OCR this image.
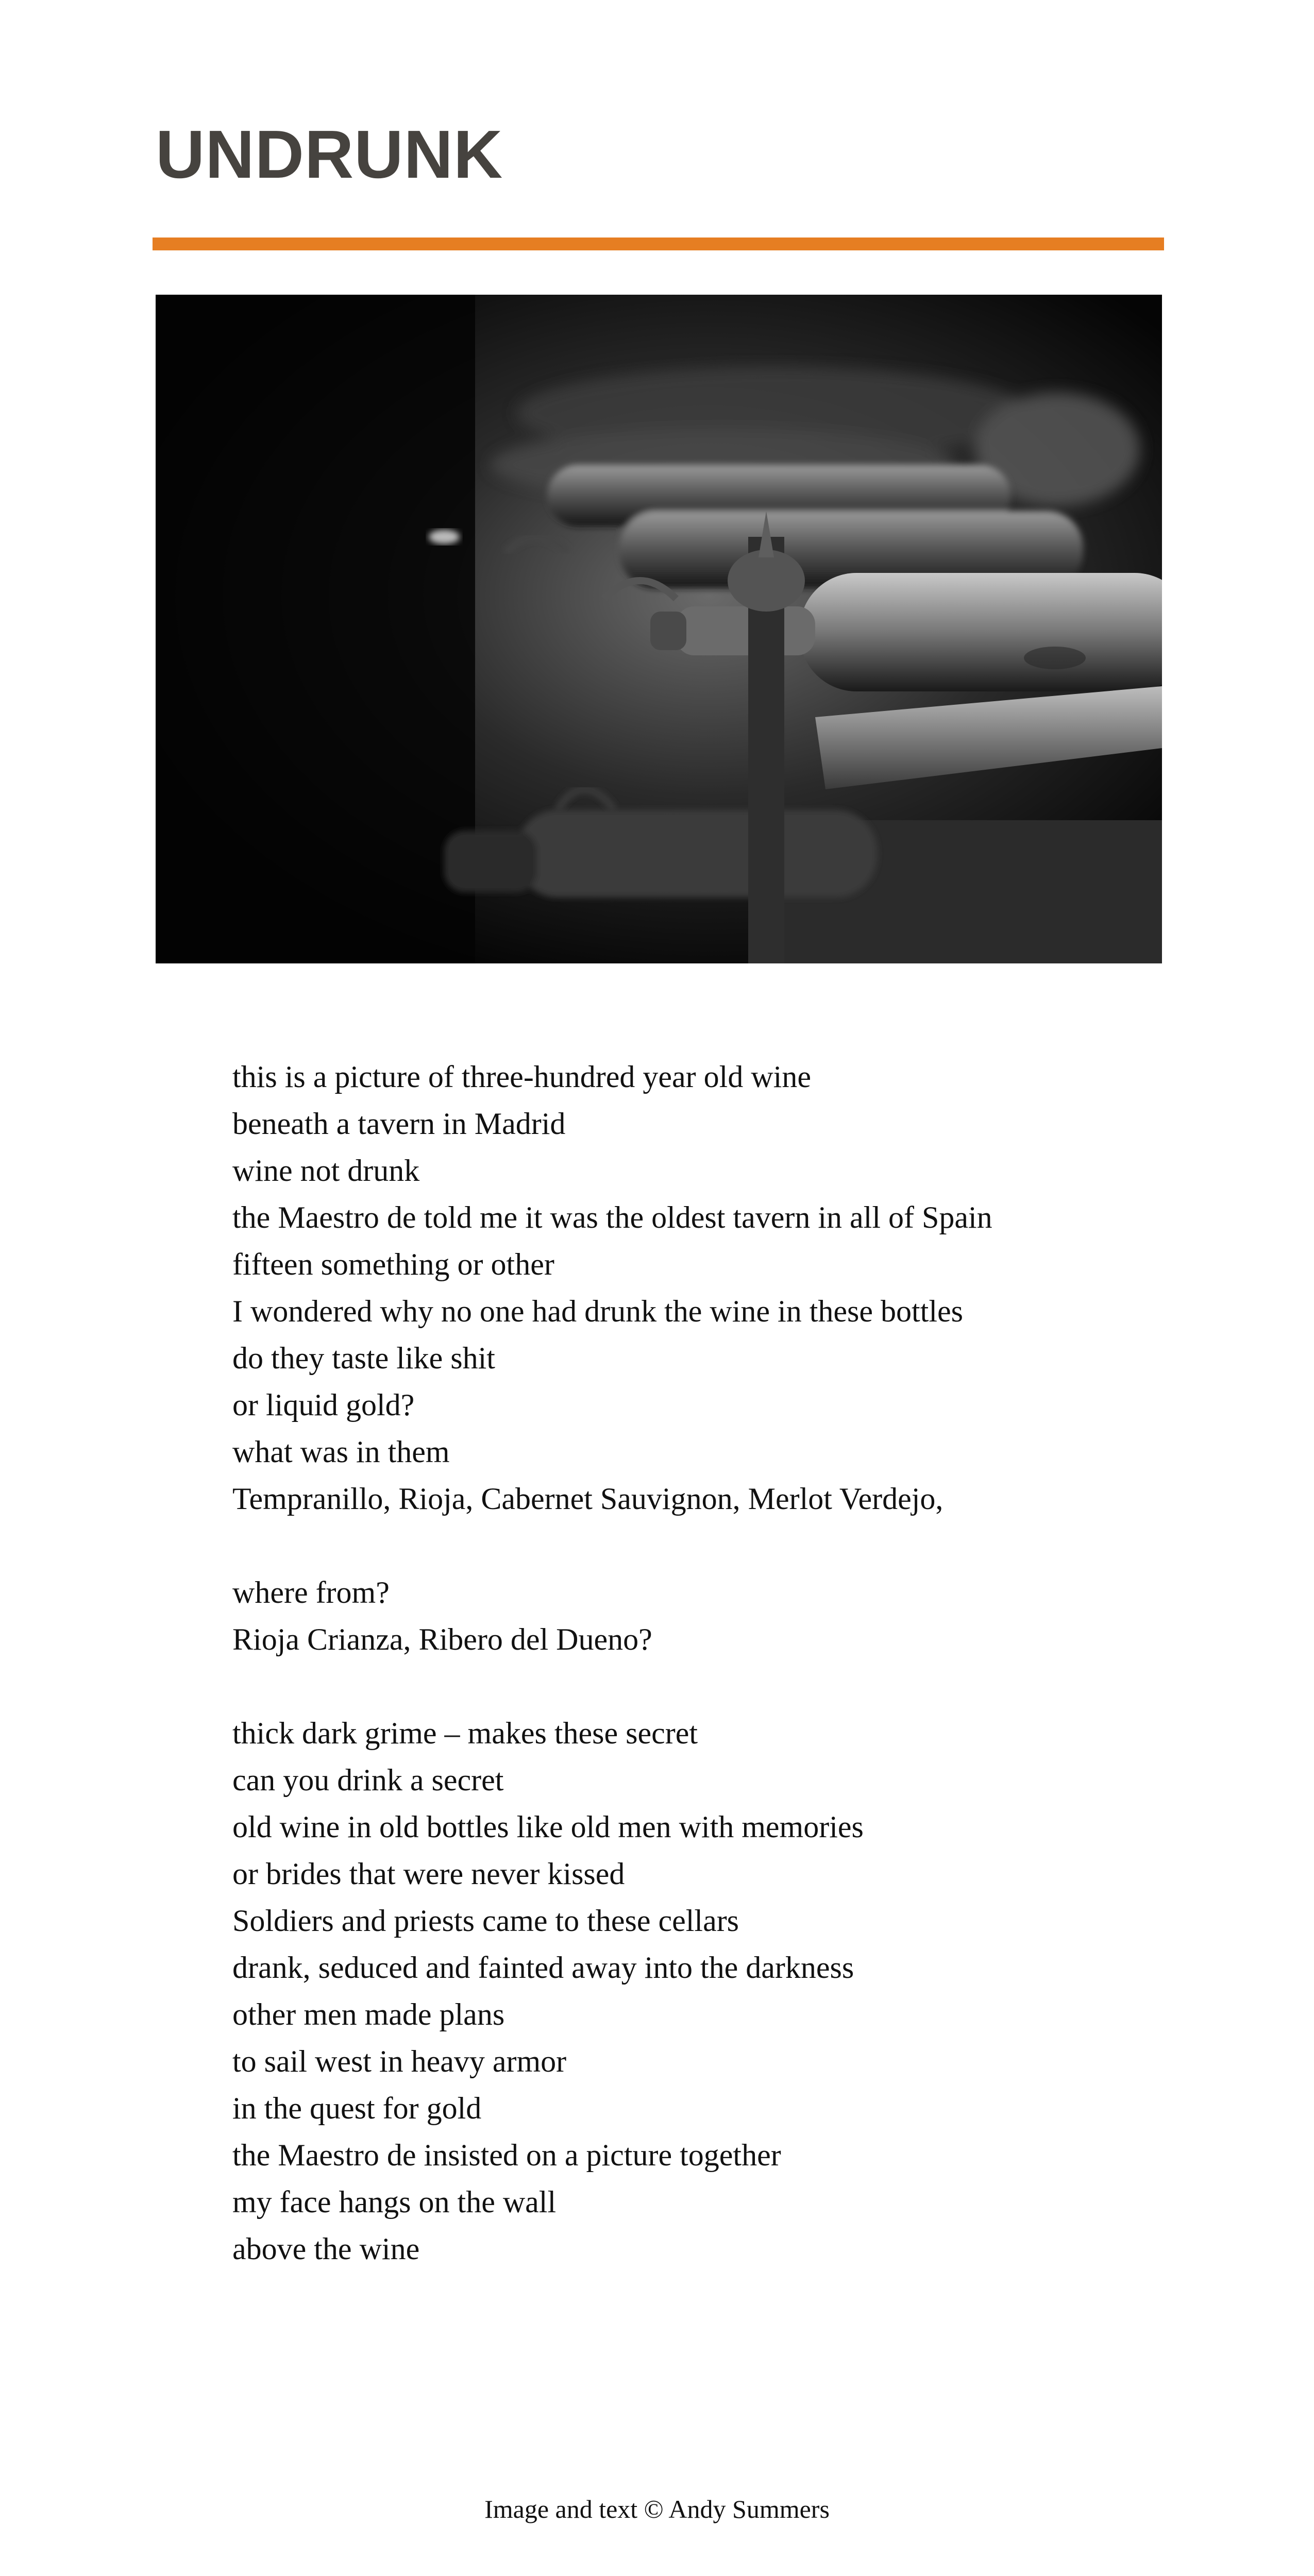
UNDRUNK
this is a picture of three-hundred year old wine
beneath a tavern in Madrid
wine not drunk
the Maestro de told me it was the oldest tavern in all of Spain
fifteen something or other
I wondered why no one had drunk the wine in these bottles
do they taste like shit
or liquid gold?
what was in them
Tempranillo, Rioja, Cabernet Sauvignon, Merlot Verdejo,
where from?
Rioja Crianza, Ribero del Dueno?
thick dark grime – makes these secret
can you drink a secret
old wine in old bottles like old men with memories
or brides that were never kissed
Soldiers and priests came to these cellars
drank, seduced and fainted away into the darkness
other men made plans
to sail west in heavy armor
in the quest for gold
the Maestro de insisted on a picture together
my face hangs on the wall
above the wine
Image and text © Andy Summers
